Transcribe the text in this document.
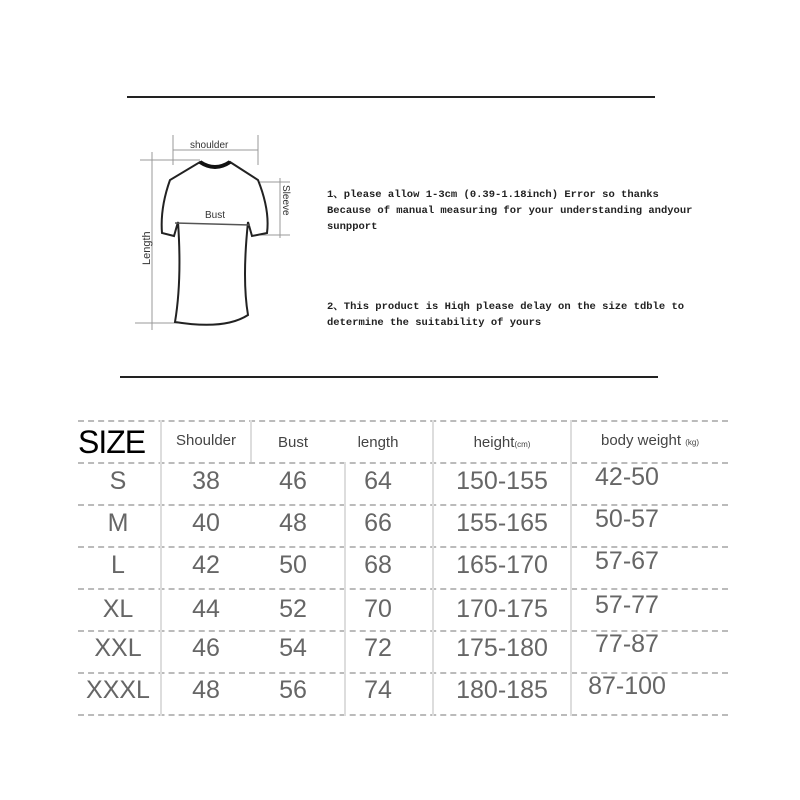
shoulder
Bust	Sleeve
Length
1、please allow 1-3cm (0.39-1.18inch) Error so thanks
Because of manual measuring for your understanding andyour
sunpport
2、This product is Hiqh please delay on the size tdble to
determine the suitability of yours
SIZE	Shoulder	Bust	length	height(cm)	body weight (kg)
S	38	46	64	150-155	42-50
M	40	48	66	155-165	50-57
L	42	50	68	165-170	57-67
XL	44	52	70	170-175	57-77
XXL	46	54	72	175-180	77-87
XXXL	48	56	74	180-185	87-100
